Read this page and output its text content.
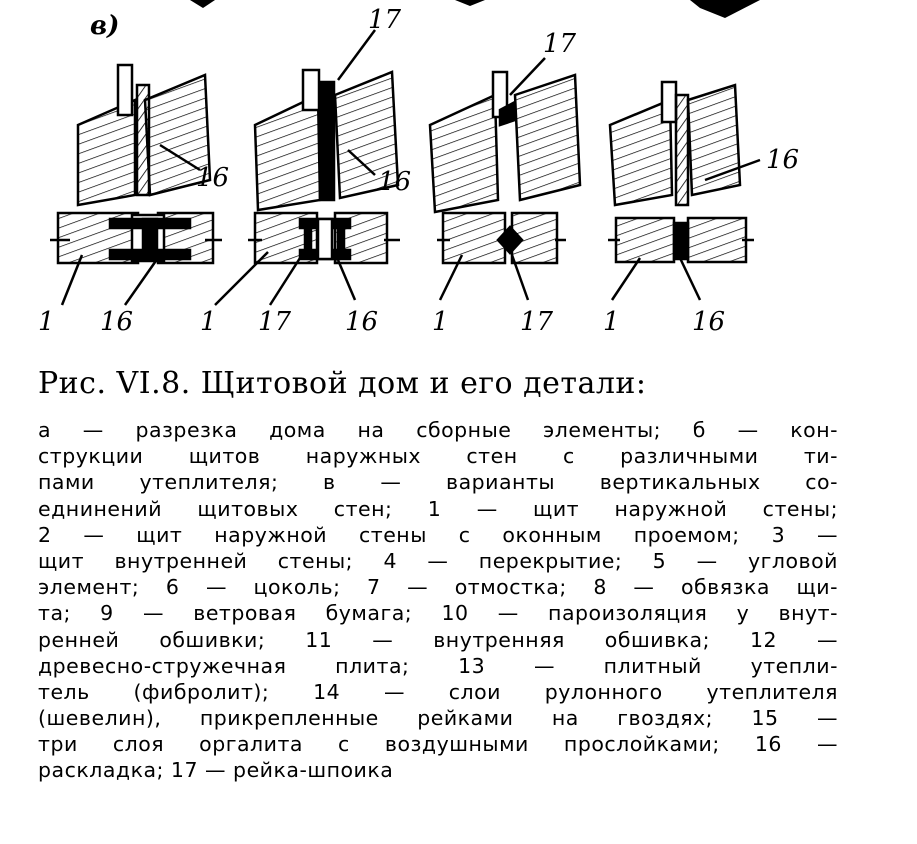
в)
16
17
16
17
16
1 16	1 17 16 1	17 1	16
Рис. VI.8. Щитовой дом и его детали:
а — разрезка дома на сборные элементы; б — кон-
струкции щитов наружных стен с различными ти-
пами утеплителя; в — варианты вертикальных со-
еднинений щитовых стен; 1 — щит наружной стены;
2 — щит наружной стены с оконным проемом; 3 —
щит внутренней стены; 4 — перекрытие; 5 — угловой
элемент; 6 — цоколь; 7 — отмостка; 8 — обвязка щи-
та; 9 — ветровая бумага; 10 — пароизоляция у внут-
ренней обшивки; 11 — внутренняя обшивка; 12 —
древесно-стружечная плита; 13 — плитный утепли-
тель (фибролит); 14 — слои рулонного утеплителя
(шевелин), прикрепленные рейками на гвоздях; 15 —
три слоя оргалита с воздушными прослойками; 16 —
раскладка; 17 — рейка-шпоика
